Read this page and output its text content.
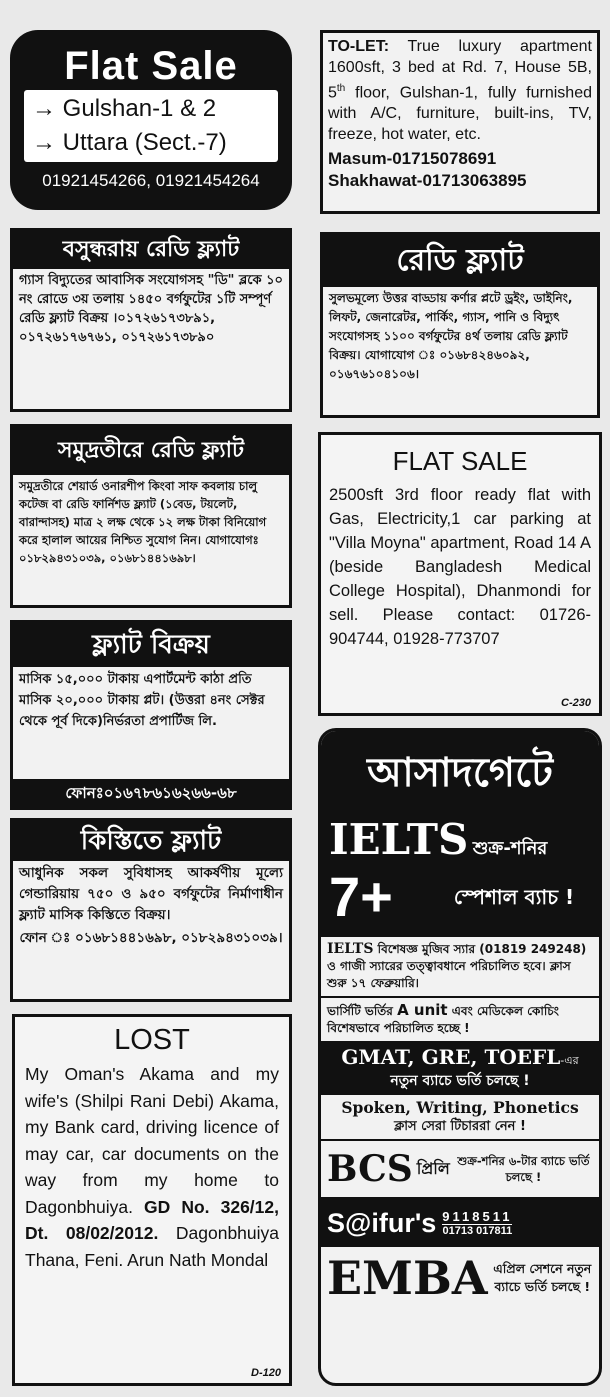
Flat Sale
→ Gulshan-1 & 2
→ Uttara (Sect.-7)
01921454266, 01921454264
TO-LET: True luxury apartment 1600sft, 3 bed at Rd. 7, House 5B, 5th floor, Gulshan-1, fully furnished with A/C, furniture, built-ins, TV, freeze, hot water, etc.
Masum-01715078691
Shakhawat-01713063895
বসুন্ধরায় রেডি ফ্ল্যাট
গ্যাস বিদ্যুতের আবাসিক সংযোগসহ "ডি" ব্লকে ১০ নং রোডে ৩য় তলায় ১৪৫০ বর্গফুটের ১টি সম্পূর্ণ রেডি ফ্ল্যাট বিক্রয় ।০১৭২৬১৭৩৮৯১, ০১৭২৬১৭৬৭৬১, ০১৭২৬১৭৩৮৯০
রেডি ফ্ল্যাট
সুলভমূল্যে উত্তর বাড্ডায় কর্ণার প্লটে ড্রইং, ডাইনিং, লিফট, জেনারেটর, পার্কিং, গ্যাস, পানি ও বিদ্যুৎ সংযোগসহ ১১০০ বর্গফুটের ৪র্থ তলায় রেডি ফ্ল্যাট বিক্রয়। যোগাযোগ ঃ ০১৬৮৪২৪৬০৯২, ০১৬৭৬১০৪১০৬।
সমুদ্রতীরে রেডি ফ্ল্যাট
সমুদ্রতীরে শেয়ার্ড ওনারশীপ কিংবা সাফ কবলায় চালু কটেজ বা রেডি ফার্নিশড ফ্ল্যাট (১বেড, টয়লেট, বারান্দাসহ) মাত্র ২ লক্ষ থেকে ১২ লক্ষ টাকা বিনিয়োগ করে হালাল আয়ের নিশ্চিত সুযোগ নিন। যোগাযোগঃ ০১৮২৯৪৩১০৩৯, ০১৬৮১৪৪১৬৯৮।
FLAT SALE
2500sft 3rd floor ready flat with Gas, Electricity,1 car parking at "Villa Moyna" apartment, Road 14 A (beside Bangladesh Medical College Hospital), Dhanmondi for sell. Please contact: 01726-904744, 01928-773707
C-230
ফ্ল্যাট বিক্রয়
মাসিক ১৫,০০০ টাকায় এপার্টমেন্ট কাঠা প্রতি মাসিক ২০,০০০ টাকায় প্লট। (উত্তরা ৪নং সেক্টর থেকে পূর্ব দিকে)নির্ভরতা প্রপার্টিজ লি.
ফোনঃ০১৬৭৮৬১৬২৬৬-৬৮
কিস্তিতে ফ্ল্যাট
আধুনিক সকল সুবিধাসহ আকর্ষণীয় মূল্যে গেন্ডারিয়ায় ৭৫০ ও ৯৫০ বর্গফুটের নির্মাণাধীন ফ্ল্যাট মাসিক কিস্তিতে বিক্রয়।
ফোন ঃ ০১৬৮১৪৪১৬৯৮, ০১৮২৯৪৩১০৩৯।
আসাদগেটে
IELTS শুক্র-শনির
7+	স্পেশাল ব্যাচ !
IELTS বিশেষজ্ঞ মুজিব স্যার (01819 249248) ও গাজী স্যারের তত্ত্বাবধানে পরিচালিত হবে। ক্লাস শুরু ১৭ ফেব্রুয়ারি।
ভার্সিটি ভর্তির A unit এবং মেডিকেল কোচিং বিশেষভাবে পরিচালিত হচ্ছে !
GMAT, GRE, TOEFL-এর
নতুন ব্যাচে ভর্তি চলছে !
Spoken, Writing, Phonetics
ক্লাস সেরা টিচাররা নেন !
BCS প্রিলি শুক্র-শনির ৬-টার ব্যাচে ভর্তি চলছে !
S@ifur's 9118511
01713 017811
EMBA এপ্রিল সেশনে নতুন ব্যাচে ভর্তি চলছে !
LOST
My Oman's Akama and my wife's (Shilpi Rani Debi) Akama, my Bank card, driving licence of may car, car documents on the way from my home to Dagonbhuiya. GD No. 326/12, Dt. 08/02/2012. Dagonbhuiya Thana, Feni. Arun Nath Mondal
D-120
